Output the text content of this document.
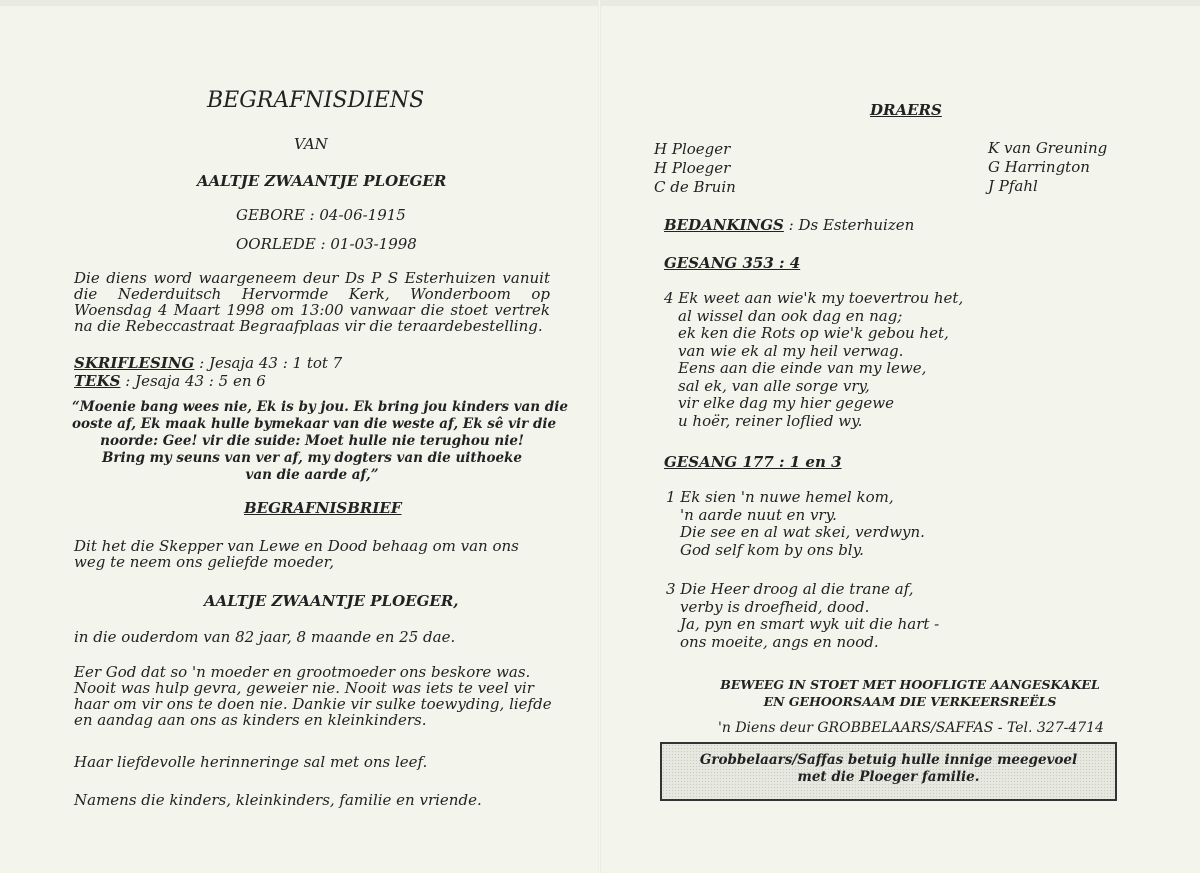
BEGRAFNISDIENS
VAN
AALTJE ZWAANTJE PLOEGER
GEBORE : 04-06-1915
OORLEDE : 01-03-1998
Die diens word waargeneem deur Ds P S Esterhuizen vanuit die Nederduitsch Hervormde Kerk, Wonderboom op Woensdag 4 Maart 1998 om 13:00 vanwaar die stoet vertrek na die Rebeccastraat Begraafplaas vir die teraardebestelling.
SKRIFLESING : Jesaja 43 : 1 tot 7
TEKS : Jesaja 43 : 5 en 6
“Moenie bang wees nie, Ek is by jou. Ek bring jou kinders van die
ooste af, Ek maak hulle bymekaar van die weste af, Ek sê vir die
noorde: Gee! vir die suide: Moet hulle nie terughou nie!
Bring my seuns van ver af, my dogters van die uithoeke
van die aarde af,”
BEGRAFNISBRIEF
Dit het die Skepper van Lewe en Dood behaag om van ons weg te neem ons geliefde moeder,
AALTJE ZWAANTJE PLOEGER,
in die ouderdom van 82 jaar, 8 maande en 25 dae.
Eer God dat so 'n moeder en grootmoeder ons beskore was. Nooit was hulp gevra, geweier nie. Nooit was iets te veel vir haar om vir ons te doen nie. Dankie vir sulke toewyding, liefde en aandag aan ons as kinders en kleinkinders.
Haar liefdevolle herinneringe sal met ons leef.
Namens die kinders, kleinkinders, familie en vriende.
DRAERS
H Ploeger
H Ploeger
C de Bruin
K van Greuning
G Harrington
J Pfahl
BEDANKINGS : Ds Esterhuizen
GESANG 353 : 4
4 Ek weet aan wie'k my toevertrou het,
al wissel dan ook dag en nag;
ek ken die Rots op wie'k gebou het,
van wie ek al my heil verwag.
Eens aan die einde van my lewe,
sal ek, van alle sorge vry,
vir elke dag my hier gegewe
u hoër, reiner loflied wy.
GESANG 177 : 1 en 3
1 Ek sien 'n nuwe hemel kom,
'n aarde nuut en vry.
Die see en al wat skei, verdwyn.
God self kom by ons bly.
3 Die Heer droog al die trane af,
verby is droefheid, dood.
Ja, pyn en smart wyk uit die hart -
ons moeite, angs en nood.
BEWEEG IN STOET MET HOOFLIGTE AANGESKAKEL
EN GEHOORSAAM DIE VERKEERSREËLS
'n Diens deur GROBBELAARS/SAFFAS - Tel. 327-4714
Grobbelaars/Saffas betuig hulle innige meegevoel
met die Ploeger familie.
